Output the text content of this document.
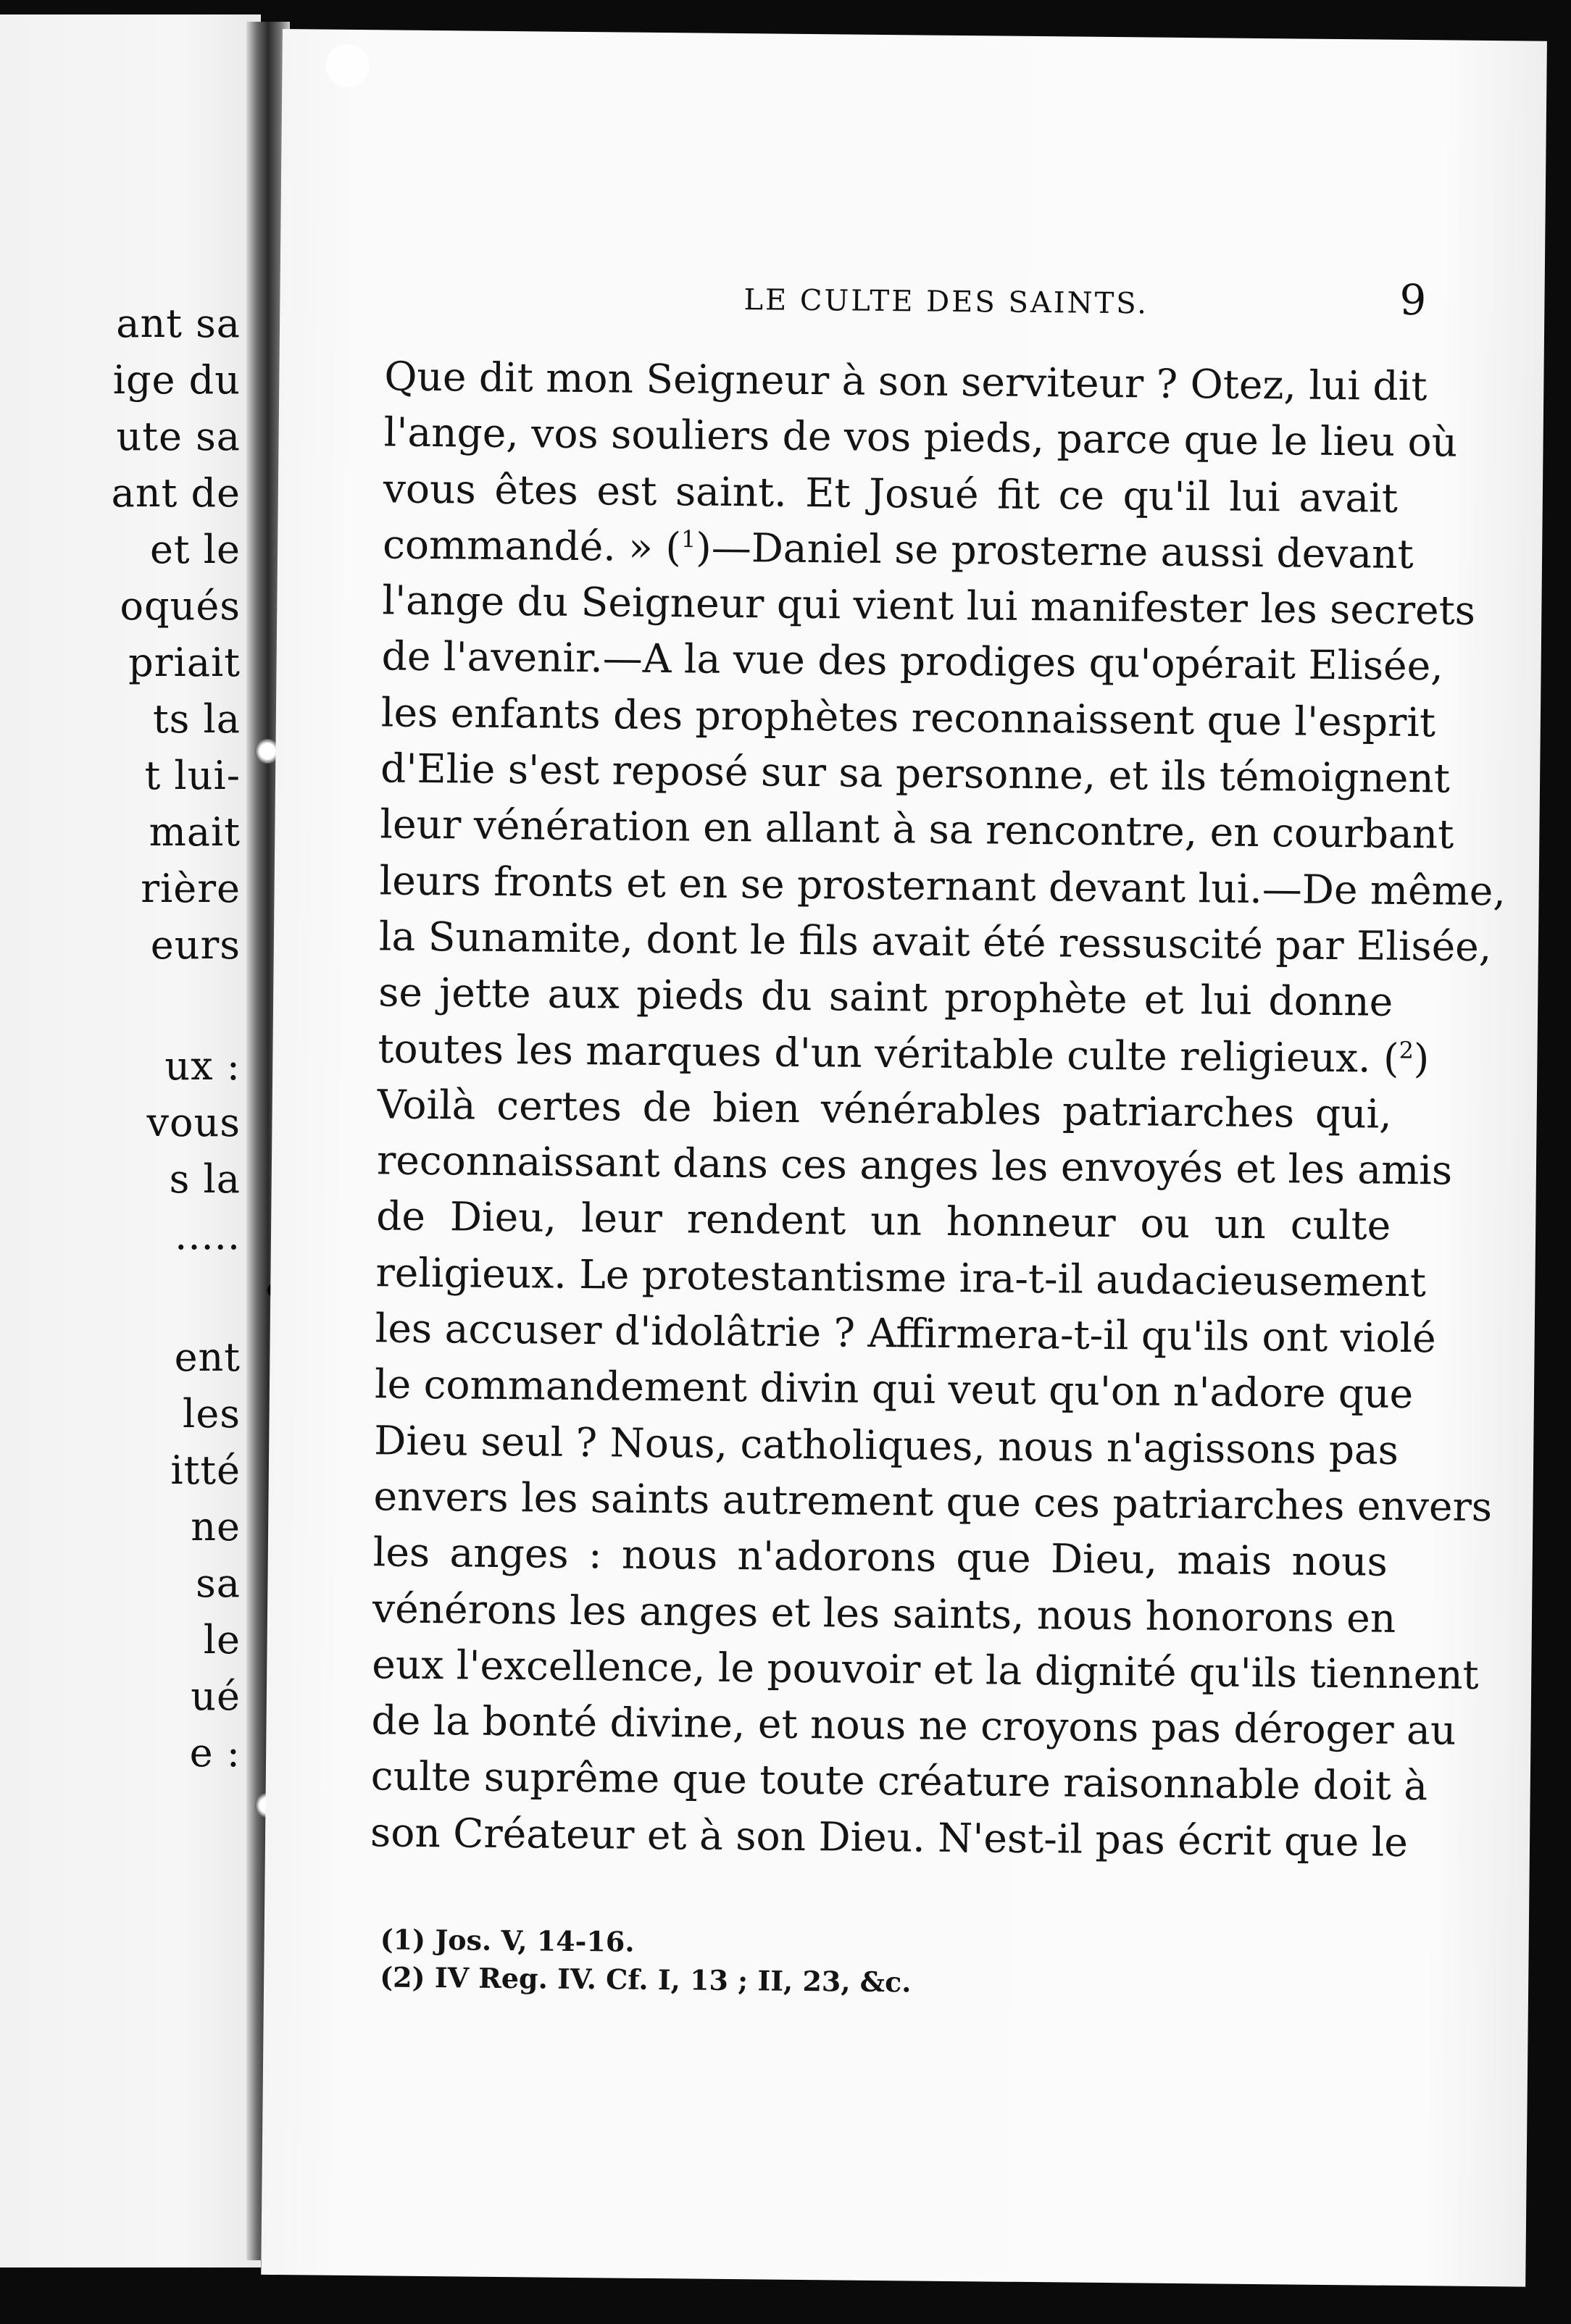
ant sa
ige du
ute sa
ant de
et le
oqués
priait
ts la
t lui-
mait
rière
eurs
ux :
vous
s la
.....
ent
les
itté
ne
sa
le
ué
e :
LE CULTE DES SAINTS.	9
Que dit mon Seigneur à son serviteur ? Otez, lui dit
l'ange, vos souliers de vos pieds, parce que le lieu où
vous êtes est saint. Et Josué fit ce qu'il lui avait
commandé. » ($^1$)—Daniel se prosterne aussi devant
l'ange du Seigneur qui vient lui manifester les secrets
de l'avenir.—A la vue des prodiges qu'opérait Elisée,
les enfants des prophètes reconnaissent que l'esprit
d'Elie s'est reposé sur sa personne, et ils témoignent
leur vénération en allant à sa rencontre, en courbant
leurs fronts et en se prosternant devant lui.—De même,
la Sunamite, dont le fils avait été ressuscité par Elisée,
se jette aux pieds du saint prophète et lui donne
toutes les marques d'un véritable culte religieux. ($^2$)
Voilà certes de bien vénérables patriarches qui,
reconnaissant dans ces anges les envoyés et les amis
de Dieu, leur rendent un honneur ou un culte
religieux. Le protestantisme ira-t-il audacieusement
les accuser d'idolâtrie ? Affirmera-t-il qu'ils ont violé
le commandement divin qui veut qu'on n'adore que
Dieu seul ? Nous, catholiques, nous n'agissons pas
envers les saints autrement que ces patriarches envers
les anges : nous n'adorons que Dieu, mais nous
vénérons les anges et les saints, nous honorons en
eux l'excellence, le pouvoir et la dignité qu'ils tiennent
de la bonté divine, et nous ne croyons pas déroger au
culte suprême que toute créature raisonnable doit à
son Créateur et à son Dieu. N'est-il pas écrit que le
(1) Jos. V, 14-16.
(2) IV Reg. IV. Cf. I, 13 ; II, 23, &c.
